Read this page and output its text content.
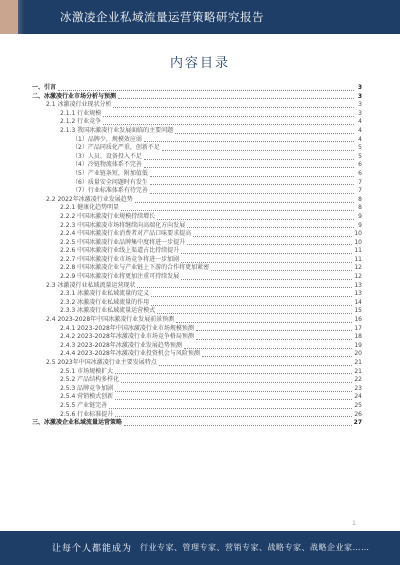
冰激凌企业私域流量运营策略研究报告
内容目录
一、引言	3
二、冰激凌行业市场分析与预测	3
2.1 冰激凌行业现状分析	3
2.1.1 行业规模	3
2.1.2 行业竞争	4
2.1.3 我国冰激凌行业发展面临的主要问题	4
（1）品牌少，规模效应弱	4
（2）产品同质化严重，创新不足	5
（3）人员、设备投入不足	5
（4）冷链物流体系不完善	6
（5）产业链条短，附加值低	6
（6）质量安全问题时有发生	7
（7）行业标准体系有待完善	7
2.2 2022年冰激凌行业发展趋势	8
2.2.1 健康化趋势明显	8
2.2.2 中国冰激凌行业规模持续增长	9
2.2.3 中国冰激凌市场将继续向高端化方向发展	9
2.2.4 中国冰激凌行业消费者对产品口味要求提高	10
2.2.5 中国冰激凌行业品牌集中度将进一步提升	10
2.2.6 中国冰激凌行业线上渠道占比持续提升	11
2.2.7 中国冰激凌行业市场竞争将进一步加剧	11
2.2.8 中国冰激凌企业与产业链上下游的合作将更加紧密	12
2.2.9 中国冰激凌行业将更加注重可持续发展	12
2.3 冰激凌行业私域流量运营现状	13
2.3.1 冰激凌行业私域流量的定义	13
2.3.2 冰激凌行业私域流量的作用	14
2.3.3 冰激凌行业私域流量运营模式	15
2.4 2023-2028年中国冰激凌行业发展前景预测	16
2.4.1 2023-2028年中国冰激凌行业市场规模预测	17
2.4.2 2023-2028年冰激凌行业市场竞争格局预测	18
2.4.3 2023-2028年冰激凌行业发展趋势预测	19
2.4.4 2023-2028年冰激凌行业投资机会与风险预测	20
2.5 2023年中国冰激凌行业主要发展特点	21
2.5.1 市场规模扩大	21
2.5.2 产品结构多样化	22
2.5.3 品牌竞争加剧	23
2.5.4 营销模式创新	24
2.5.5 产业链完善	25
2.5.6 行业标准提升	26
三、冰激凌企业私域流量运营策略	27
1
让每个人都能成为 行业专家、管理专家、营销专家、战略专家、战略企业家……
